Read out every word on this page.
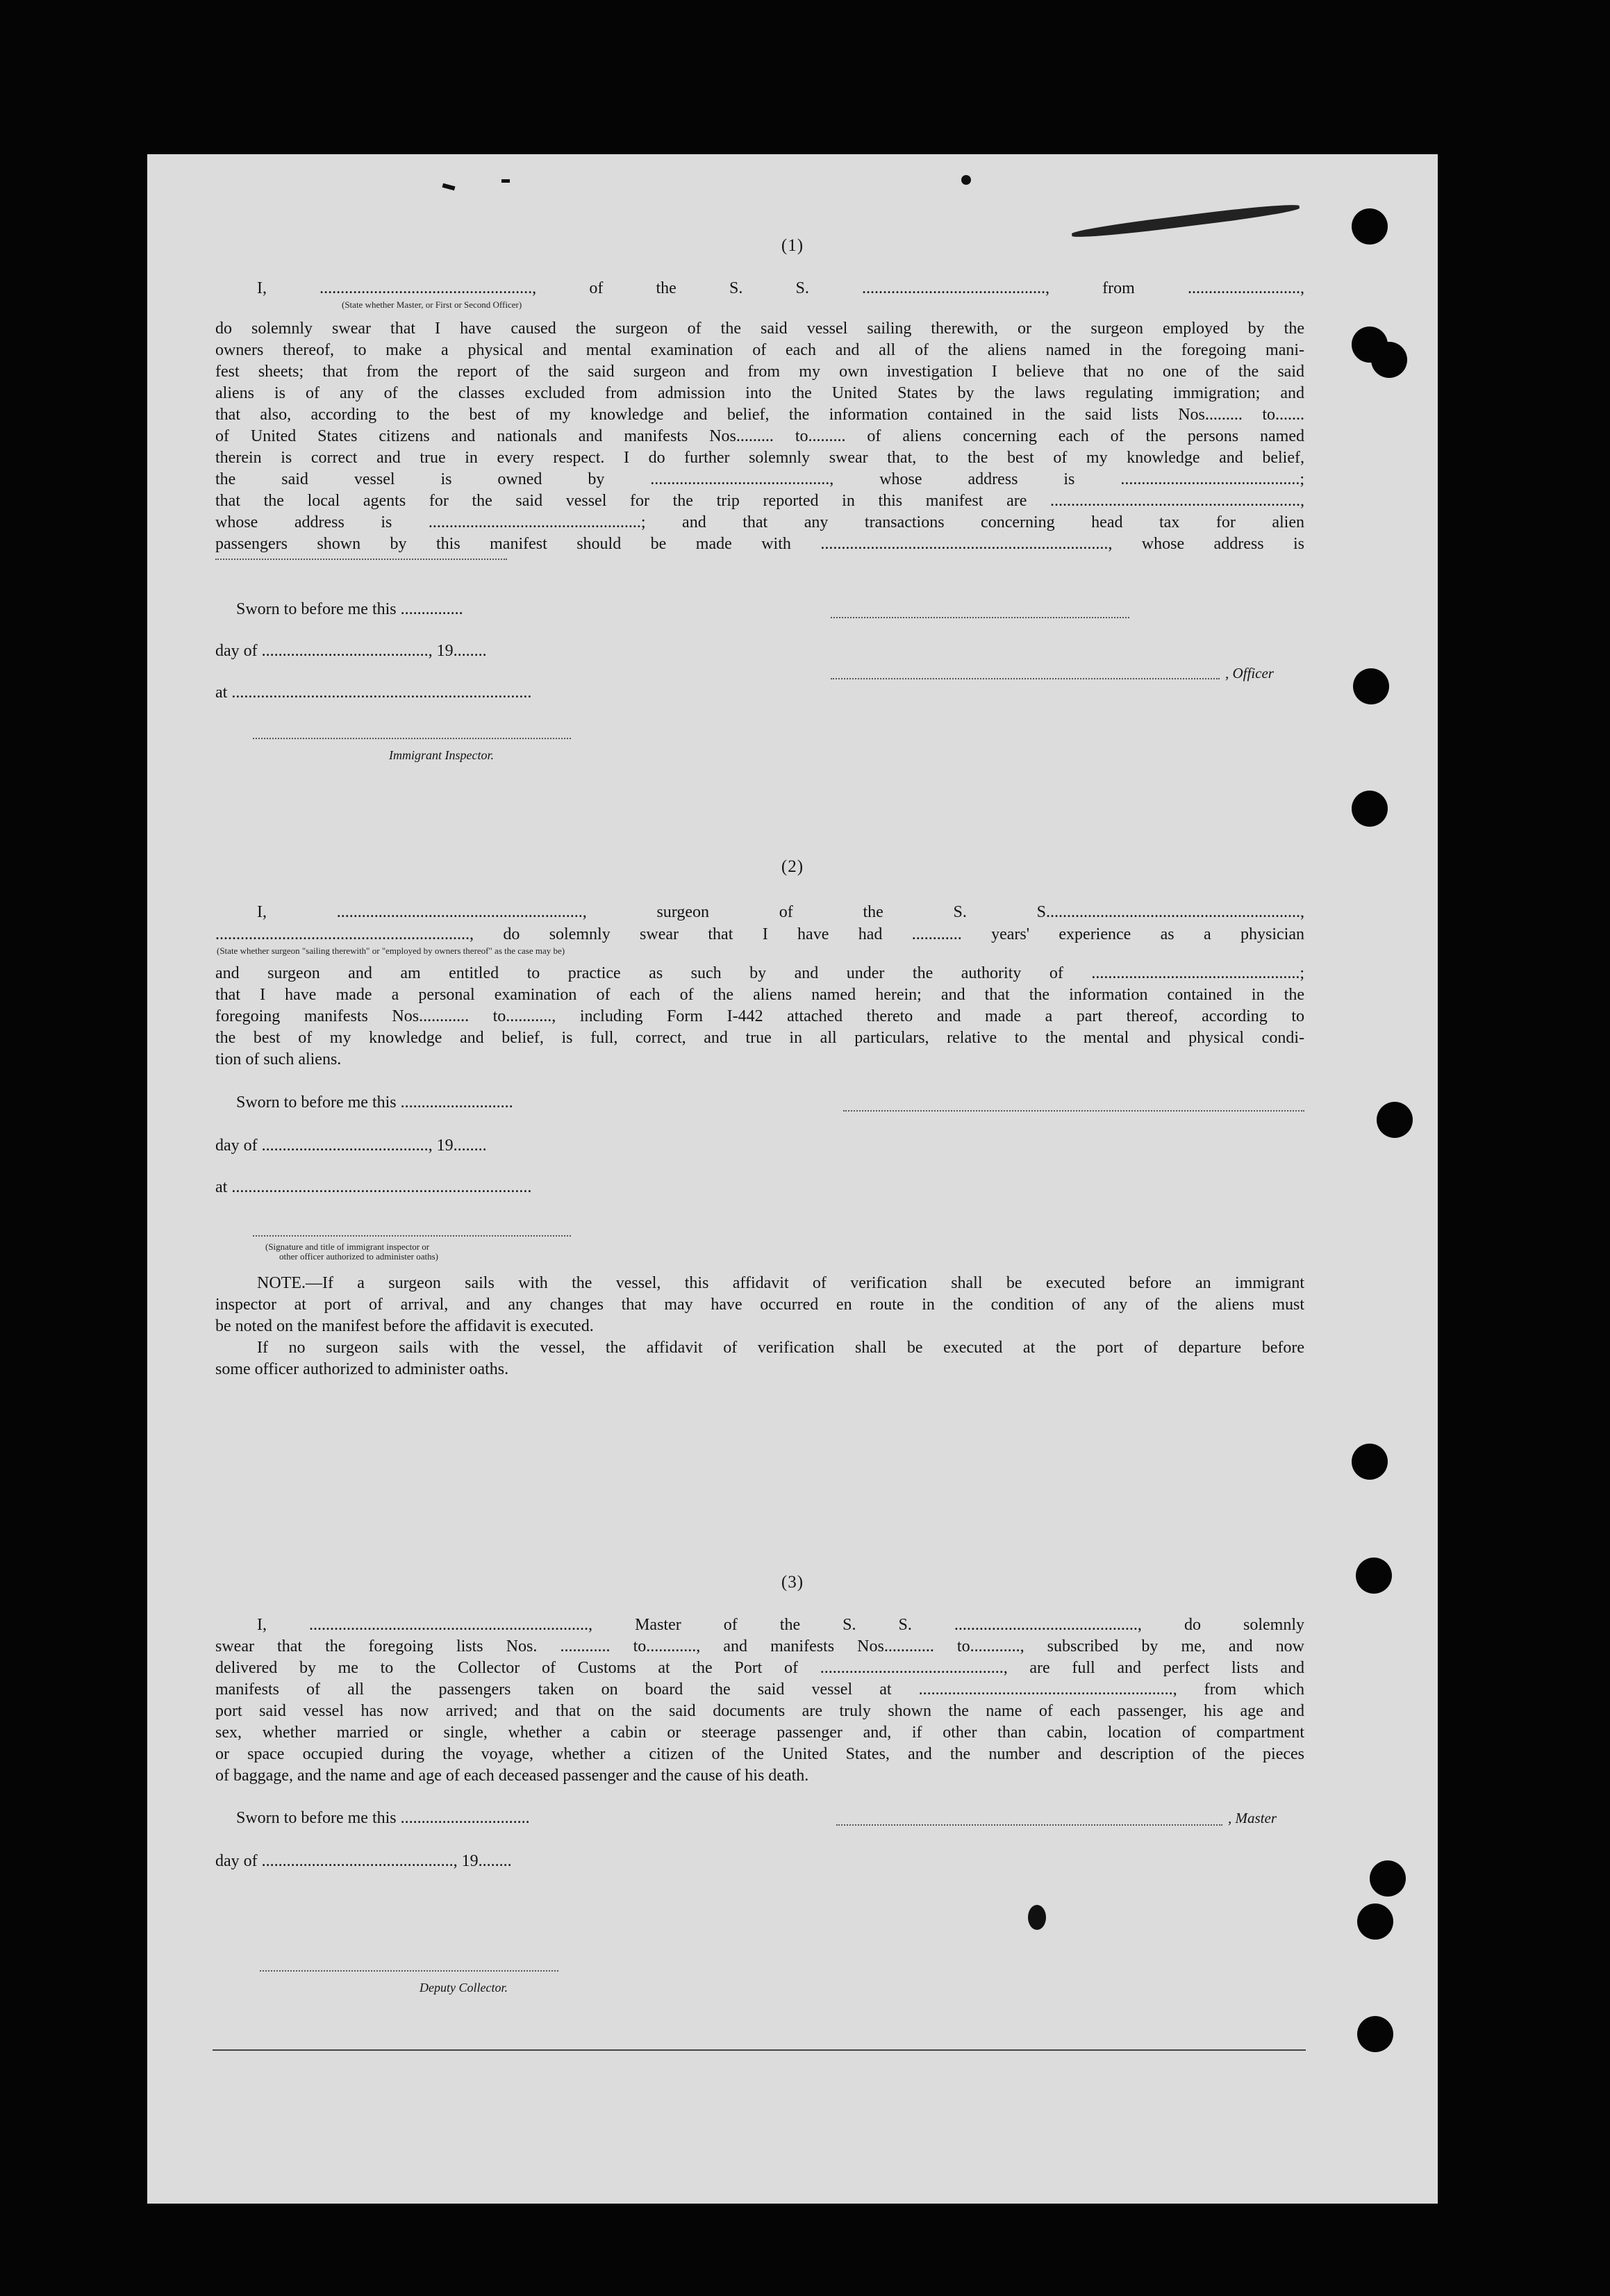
(1)
I, ..................................................., of the S. S. ............................................, from ...........................,
(State whether Master, or First or Second Officer)
do solemnly swear that I have caused the surgeon of the said vessel sailing therewith, or the surgeon employed by the
owners thereof, to make a physical and mental examination of each and all of the aliens named in the foregoing mani-
fest sheets; that from the report of the said surgeon and from my own investigation I believe that no one of the said
aliens is of any of the classes excluded from admission into the United States by the laws regulating immigration; and
that also, according to the best of my knowledge and belief, the information contained in the said lists Nos......... to.......
of United States citizens and nationals and manifests Nos......... to......... of aliens concerning each of the persons named
therein is correct and true in every respect. I do further solemnly swear that, to the best of my knowledge and belief,
the said vessel is owned by ..........................................., whose address is ...........................................;
that the local agents for the said vessel for the trip reported in this manifest are ............................................................,
whose address is ...................................................; and that any transactions concerning head tax for alien
passengers shown by this manifest should be made with ....................................................................., whose address is
Sworn to before me this ...............
day of ........................................, 19........
at ........................................................................
, Officer
Immigrant Inspector.
(2)
I, ..........................................................., surgeon of the S. S.............................................................,
............................................................., do solemnly swear that I have had ............ years' experience as a physician
(State whether surgeon "sailing therewith" or "employed by owners thereof" as the case may be)
and surgeon and am entitled to practice as such by and under the authority of ..................................................;
that I have made a personal examination of each of the aliens named herein; and that the information contained in the
foregoing manifests Nos............ to..........., including Form I-442 attached thereto and made a part thereof, according to
the best of my knowledge and belief, is full, correct, and true in all particulars, relative to the mental and physical condi-
tion of such aliens.
Sworn to before me this ...........................
day of ........................................, 19........
at ........................................................................
(Signature and title of immigrant inspector or
other officer authorized to administer oaths)
NOTE.—If a surgeon sails with the vessel, this affidavit of verification shall be executed before an immigrant
inspector at port of arrival, and any changes that may have occurred en route in the condition of any of the aliens must
be noted on the manifest before the affidavit is executed.
If no surgeon sails with the vessel, the affidavit of verification shall be executed at the port of departure before
some officer authorized to administer oaths.
(3)
I, ..................................................................., Master of the S. S. ............................................, do solemnly
swear that the foregoing lists Nos. ............ to............, and manifests Nos............ to............, subscribed by me, and now
delivered by me to the Collector of Customs at the Port of ............................................, are full and perfect lists and
manifests of all the passengers taken on board the said vessel at ............................................................., from which
port said vessel has now arrived; and that on the said documents are truly shown the name of each passenger, his age and
sex, whether married or single, whether a cabin or steerage passenger and, if other than cabin, location of compartment
or space occupied during the voyage, whether a citizen of the United States, and the number and description of the pieces
of baggage, and the name and age of each deceased passenger and the cause of his death.
Sworn to before me this ...............................	, Master
day of .............................................., 19........
Deputy Collector.
